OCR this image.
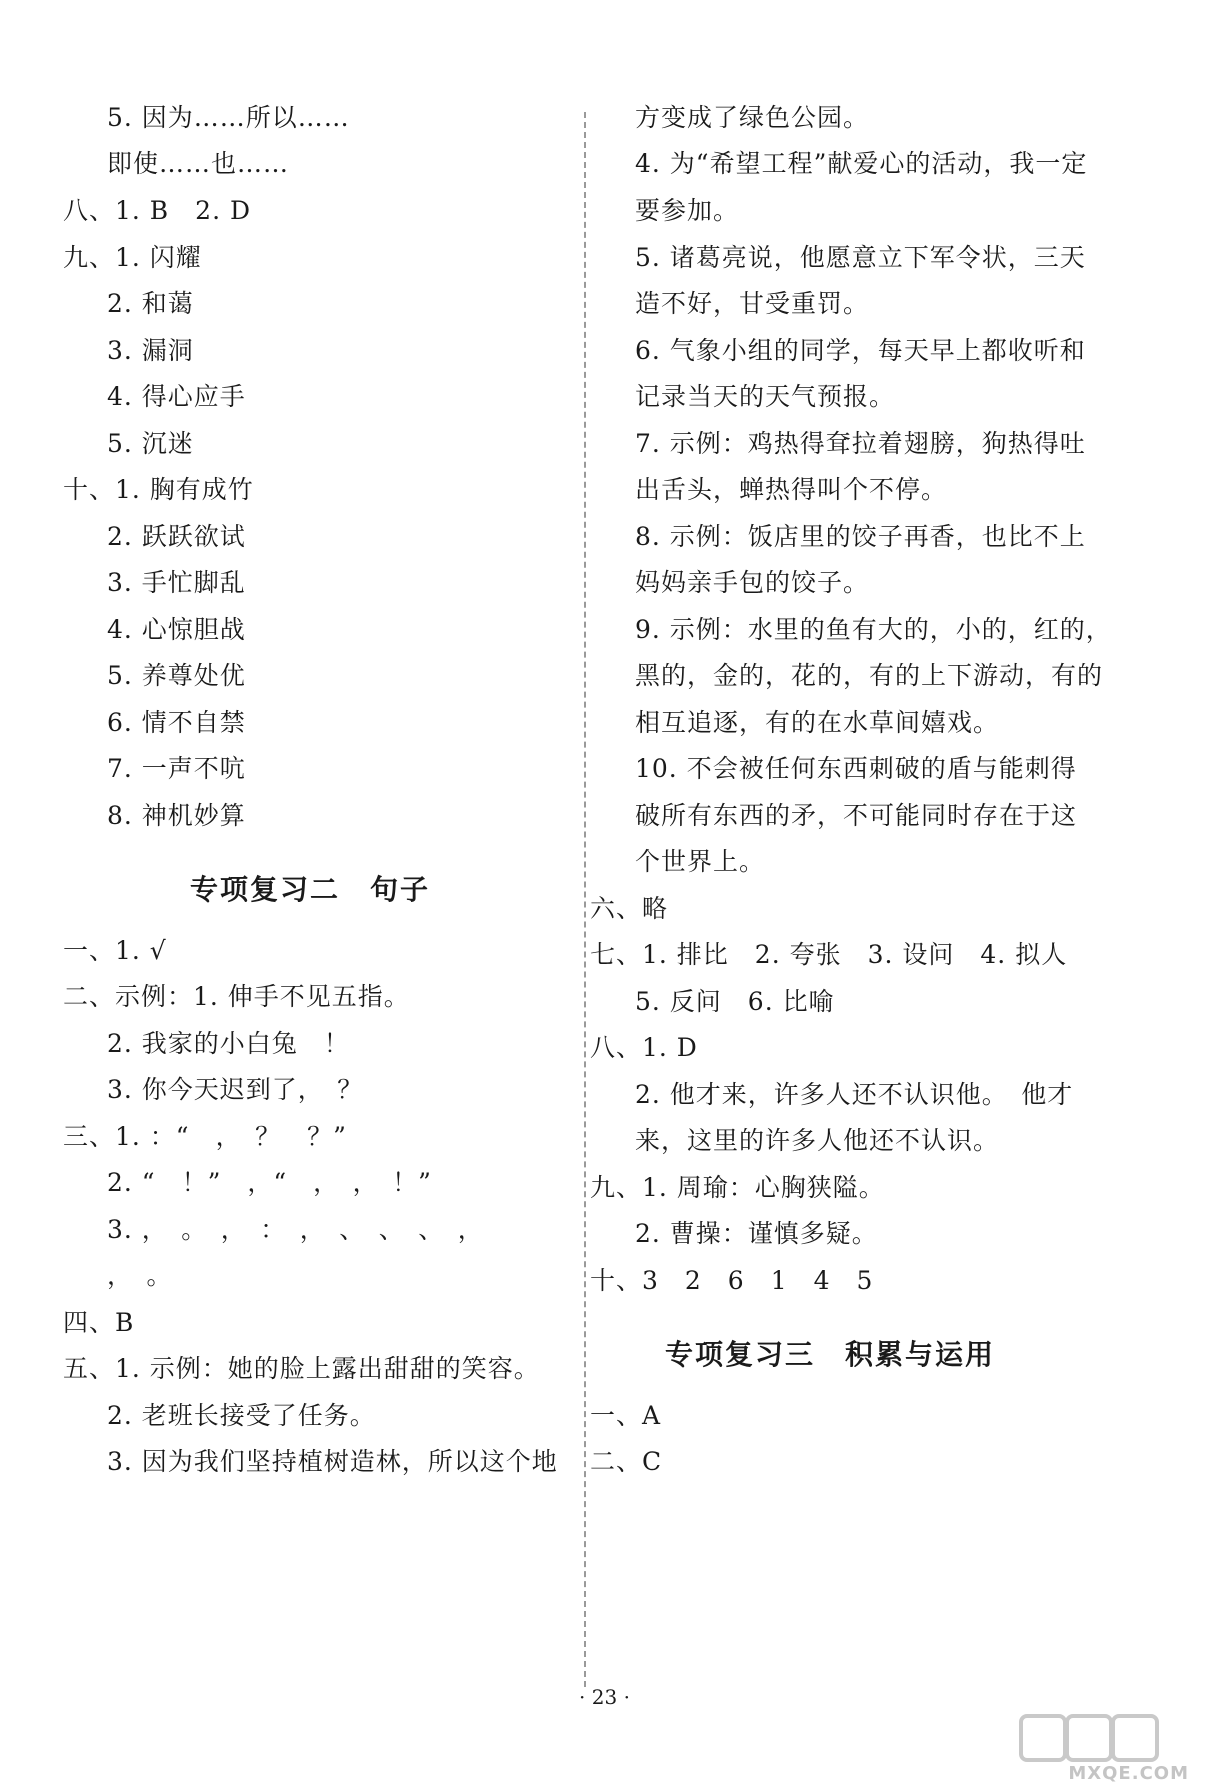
5. 因为……所以……
即使……也……
八、1. B　2. D
九、1. 闪耀
2. 和蔼
3. 漏洞
4. 得心应手
5. 沉迷
十、1. 胸有成竹
2. 跃跃欲试
3. 手忙脚乱
4. 心惊胆战
5. 养尊处优
6. 情不自禁
7. 一声不吭
8. 神机妙算
专项复习二　句子
一、1. √
二、示例：1. 伸手不见五指。
2. 我家的小白兔　！
3. 你今天迟到了，　？
三、1. ：“　，　？　？”
2. “　！”　，“　，　，　！”
3. ，　。　，　：　，　、　、　、　，
，　。
四、B
五、1. 示例：她的脸上露出甜甜的笑容。
2. 老班长接受了任务。
3. 因为我们坚持植树造林，所以这个地
方变成了绿色公园。
4. 为“希望工程”献爱心的活动，我一定
要参加。
5. 诸葛亮说，他愿意立下军令状，三天
造不好，甘受重罚。
6. 气象小组的同学，每天早上都收听和
记录当天的天气预报。
7. 示例：鸡热得耷拉着翅膀，狗热得吐
出舌头，蝉热得叫个不停。
8. 示例：饭店里的饺子再香，也比不上
妈妈亲手包的饺子。
9. 示例：水里的鱼有大的，小的，红的，
黑的，金的，花的，有的上下游动，有的
相互追逐，有的在水草间嬉戏。
10. 不会被任何东西刺破的盾与能刺得
破所有东西的矛，不可能同时存在于这
个世界上。
六、略
七、1. 排比　2. 夸张　3. 设问　4. 拟人
5. 反问　6. 比喻
八、1. D
2. 他才来，许多人还不认识他。　他才
来，这里的许多人他还不认识。
九、1. 周瑜：心胸狭隘。
2. 曹操：谨慎多疑。
十、3　2　6　1　4　5
专项复习三　积累与运用
一、A
二、C
· 23 ·
MXQE.COM
